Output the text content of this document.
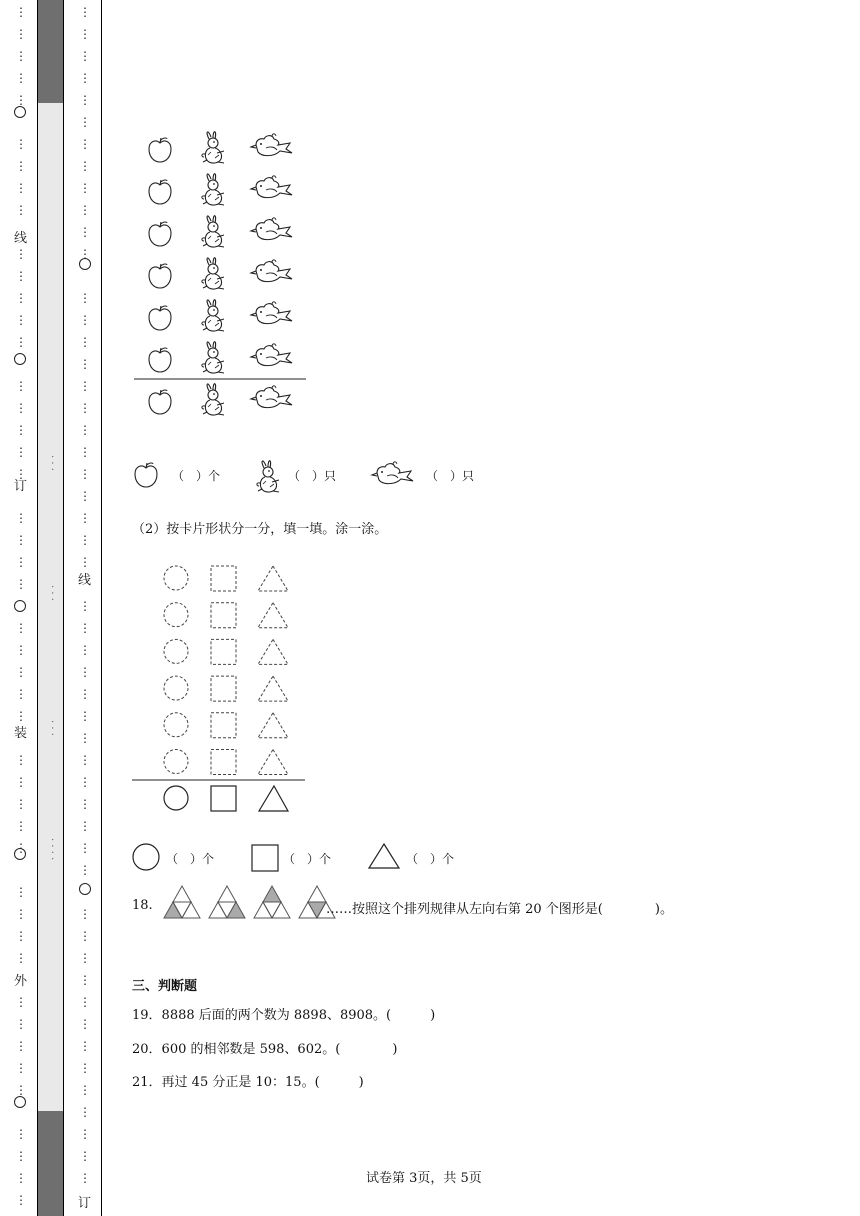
⋮
⋮
⋮
⋮
⋮
⋮
⋮
⋮
⋮
⋮
⋮
⋮
⋮
⋮
⋮
⋮
⋮
⋮
⋮
⋮
⋮
⋮
⋮
⋮
⋮
⋮
⋮
⋮
⋮
⋮
⋮
⋮
⋮
⋮
⋮
⋮
⋮
⋮
⋮
⋮
⋮
⋮
⋮
⋮
⋮
⋮
线
订
装
外
· · ·
· · ·
· · ·
· · · ·
⋮
⋮
⋮
⋮
⋮
⋮
⋮
⋮
⋮
⋮
⋮
⋮
⋮
⋮
⋮
⋮
⋮
⋮
⋮
⋮
⋮
⋮
⋮
⋮
⋮
⋮
⋮
⋮
⋮
⋮
⋮
⋮
⋮
⋮
⋮
⋮
⋮
⋮
⋮
⋮
⋮
⋮
⋮
⋮
⋮
⋮
⋮
⋮
⋮
⋮
⋮
线
订
（　）个	（　）只	（　）只
（2）按卡片形状分一分，填一填。涂一涂。
（　）个	（　）个	（　）个
18.	……按照这个排列规律从左向右第 20 个图形是(　　　　)。
三、判断题
19．8888 后面的两个数为 8898、8908。(　　　)
20．600 的相邻数是 598、602。(　　　　)
21．再过 45 分正是 10：15。(　　　)
试卷第 3页，共 5页
